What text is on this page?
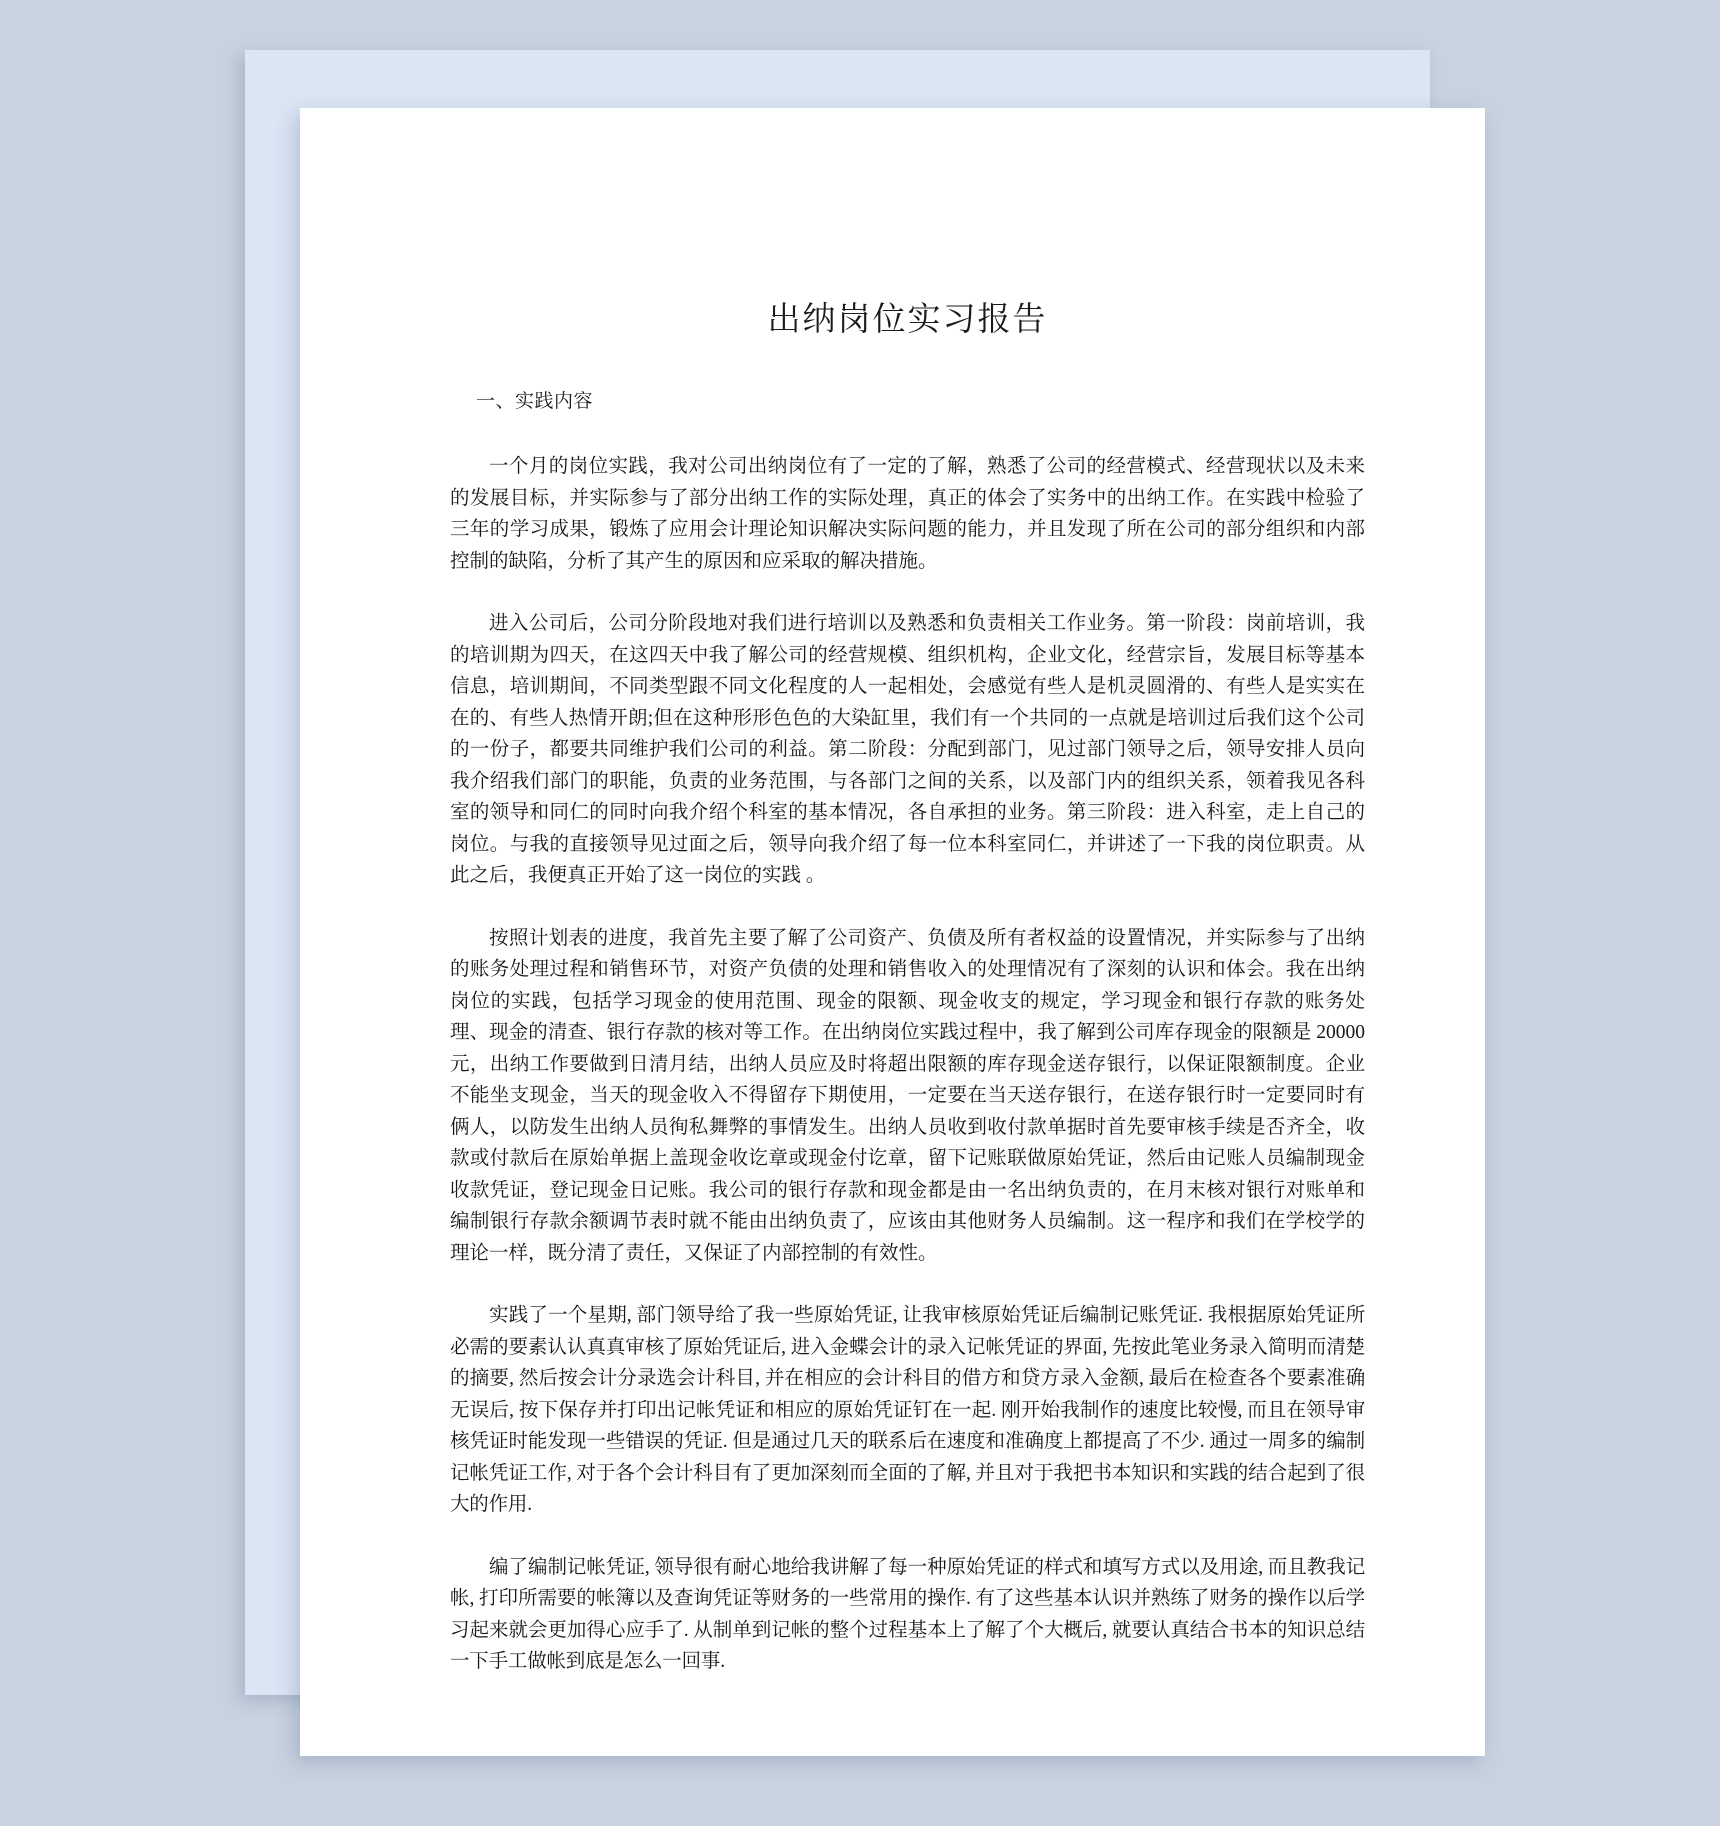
出纳岗位实习报告
一、实践内容

一个月的岗位实践，我对公司出纳岗位有了一定的了解，熟悉了公司的经营模式、经营现状以及未来的发展目标，并实际参与了部分出纳工作的实际处理，真正的体会了实务中的出纳工作。在实践中检验了三年的学习成果，锻炼了应用会计理论知识解决实际问题的能力，并且发现了所在公司的部分组织和内部控制的缺陷，分析了其产生的原因和应采取的解决措施。

进入公司后，公司分阶段地对我们进行培训以及熟悉和负责相关工作业务。第一阶段：岗前培训，我的培训期为四天，在这四天中我了解公司的经营规模、组织机构，企业文化，经营宗旨，发展目标等基本信息，培训期间，不同类型跟不同文化程度的人一起相处，会感觉有些人是机灵圆滑的、有些人是实实在在的、有些人热情开朗;但在这种形形色色的大染缸里，我们有一个共同的一点就是培训过后我们这个公司的一份子，都要共同维护我们公司的利益。第二阶段：分配到部门，见过部门领导之后，领导安排人员向我介绍我们部门的职能，负责的业务范围，与各部门之间的关系，以及部门内的组织关系，领着我见各科室的领导和同仁的同时向我介绍个科室的基本情况，各自承担的业务。第三阶段：进入科室，走上自己的岗位。与我的直接领导见过面之后，领导向我介绍了每一位本科室同仁，并讲述了一下我的岗位职责。从此之后，我便真正开始了这一岗位的实践 。

按照计划表的进度，我首先主要了解了公司资产、负债及所有者权益的设置情况，并实际参与了出纳的账务处理过程和销售环节，对资产负债的处理和销售收入的处理情况有了深刻的认识和体会。我在出纳岗位的实践，包括学习现金的使用范围、现金的限额、现金收支的规定，学习现金和银行存款的账务处理、现金的清查、银行存款的核对等工作。在出纳岗位实践过程中，我了解到公司库存现金的限额是 20000 元，出纳工作要做到日清月结，出纳人员应及时将超出限额的库存现金送存银行，以保证限额制度。企业不能坐支现金，当天的现金收入不得留存下期使用，一定要在当天送存银行，在送存银行时一定要同时有俩人，以防发生出纳人员徇私舞弊的事情发生。出纳人员收到收付款单据时首先要审核手续是否齐全，收款或付款后在原始单据上盖现金收讫章或现金付讫章，留下记账联做原始凭证，然后由记账人员编制现金收款凭证，登记现金日记账。我公司的银行存款和现金都是由一名出纳负责的，在月末核对银行对账单和编制银行存款余额调节表时就不能由出纳负责了，应该由其他财务人员编制。这一程序和我们在学校学的理论一样，既分清了责任，又保证了内部控制的有效性。

实践了一个星期, 部门领导给了我一些原始凭证, 让我审核原始凭证后编制记账凭证. 我根据原始凭证所必需的要素认认真真审核了原始凭证后, 进入金蝶会计的录入记帐凭证的界面, 先按此笔业务录入简明而清楚的摘要, 然后按会计分录选会计科目, 并在相应的会计科目的借方和贷方录入金额, 最后在检查各个要素准确无误后, 按下保存并打印出记帐凭证和相应的原始凭证钉在一起. 刚开始我制作的速度比较慢, 而且在领导审核凭证时能发现一些错误的凭证. 但是通过几天的联系后在速度和准确度上都提高了不少. 通过一周多的编制记帐凭证工作, 对于各个会计科目有了更加深刻而全面的了解, 并且对于我把书本知识和实践的结合起到了很大的作用.

编了编制记帐凭证, 领导很有耐心地给我讲解了每一种原始凭证的样式和填写方式以及用途, 而且教我记帐, 打印所需要的帐簿以及查询凭证等财务的一些常用的操作. 有了这些基本认识并熟练了财务的操作以后学习起来就会更加得心应手了. 从制单到记帐的整个过程基本上了解了个大概后, 就要认真结合书本的知识总结一下手工做帐到底是怎么一回事.
